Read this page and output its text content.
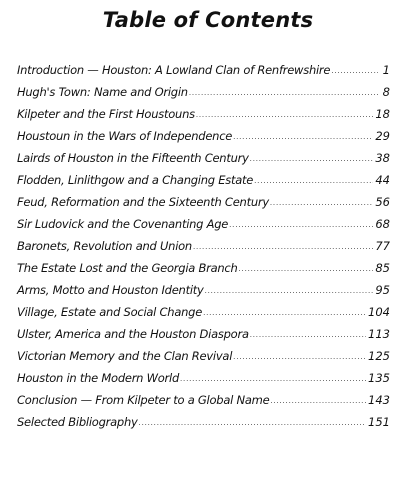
Table of Contents
Introduction — Houston: A Lowland Clan of Renfrewshire .....	1
Hugh's Town: Name and Origin .....	8
Kilpeter and the First Houstouns .....	18
Houstoun in the Wars of Independence .....	29
Lairds of Houston in the Fifteenth Century .....	38
Flodden, Linlithgow and a Changing Estate .....	44
Feud, Reformation and the Sixteenth Century .....	56
Sir Ludovick and the Covenanting Age .....	68
Baronets, Revolution and Union .....	77
The Estate Lost and the Georgia Branch .....	85
Arms, Motto and Houston Identity .....	95
Village, Estate and Social Change .....	104
Ulster, America and the Houston Diaspora .....	113
Victorian Memory and the Clan Revival .....	125
Houston in the Modern World .....	135
Conclusion — From Kilpeter to a Global Name .....	143
Selected Bibliography .....	151
